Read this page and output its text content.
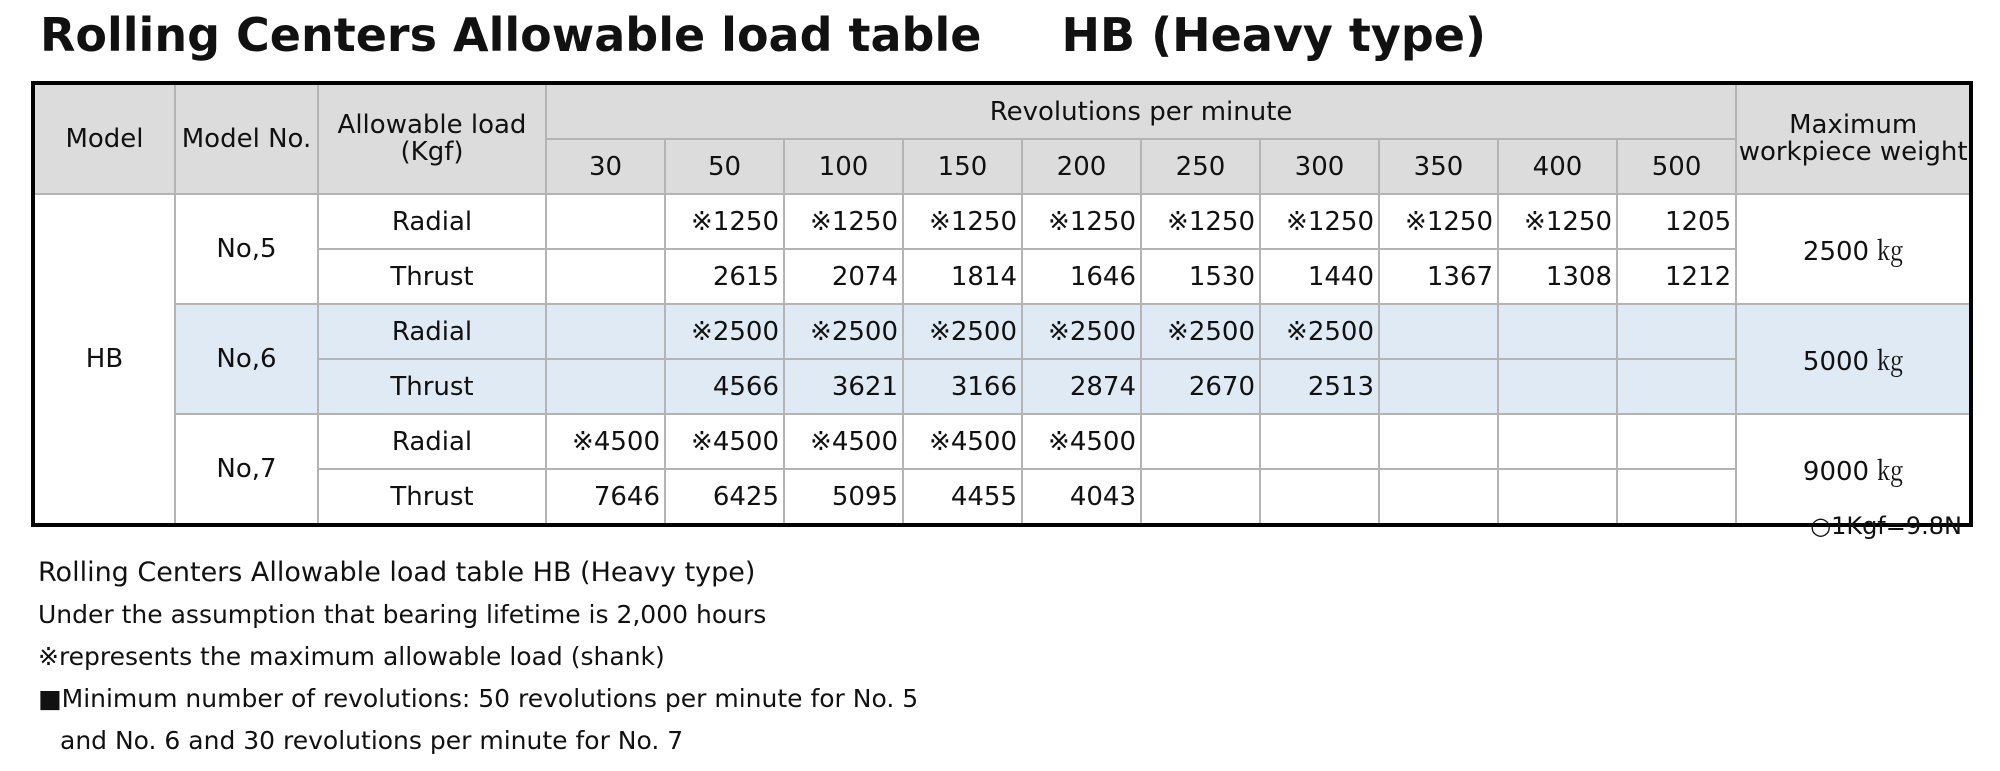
Rolling Centers Allowable load table     HB (Heavy type)
Model	Model No.	Allowable load (Kgf)	Revolutions per minute										Maximum workpiece weight
			30	50	100	150	200	250	300	350	400	500	
HB	No,5	Radial		※1250	※1250	※1250	※1250	※1250	※1250	※1250	※1250	1205	2500 ㎏
		Thrust		2615	2074	1814	1646	1530	1440	1367	1308	1212	
	No,6	Radial		※2500	※2500	※2500	※2500	※2500	※2500				5000 ㎏
		Thrust		4566	3621	3166	2874	2670	2513				
	No,7	Radial	※4500	※4500	※4500	※4500	※4500						9000 ㎏
		Thrust	7646	6425	5095	4455	4043						
○1Kgf=9.8N
Rolling Centers Allowable load table HB (Heavy type)
Under the assumption that bearing lifetime is 2,000 hours
※represents the maximum allowable load (shank)
■Minimum number of revolutions: 50 revolutions per minute for No. 5
and No. 6 and 30 revolutions per minute for No. 7
